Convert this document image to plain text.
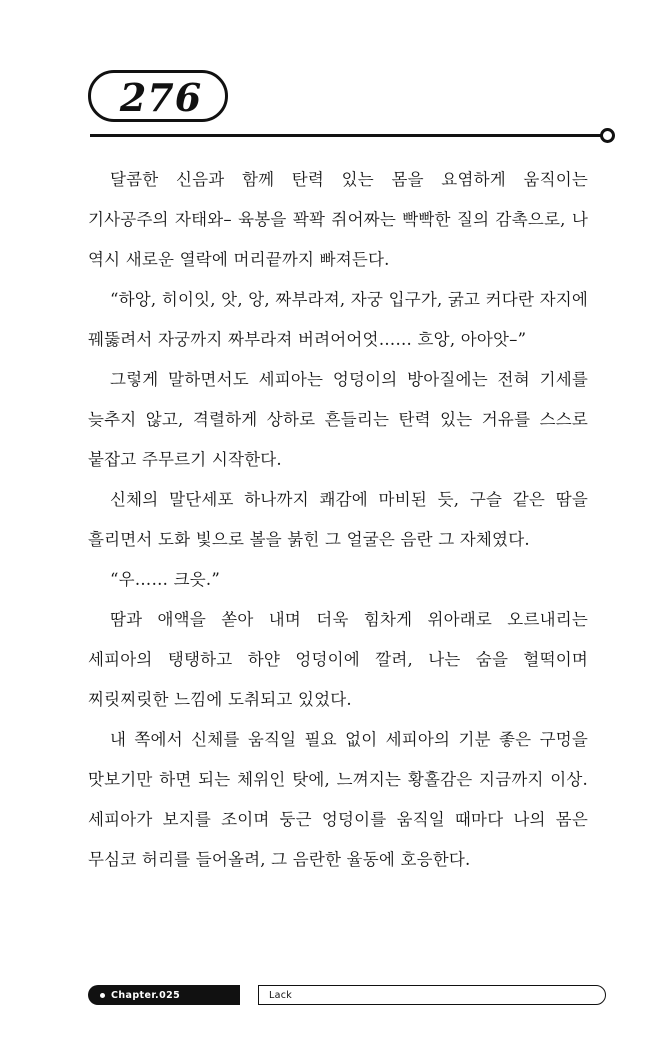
276

달콤한 신음과 함께 탄력 있는 몸을 요염하게 움직이는 기사공주의 자태와– 육봉을 꽉꽉 쥐어짜는 빡빡한 질의 감촉으로, 나 역시 새로운 열락에 머리끝까지 빠져든다.

“하앙, 히이잇, 앗, 앙, 짜부라져, 자궁 입구가, 굵고 커다란 자지에 꿰뚫려서 자궁까지 짜부라져 버려어어엇…… 흐앙, 아아앗–”

그렇게 말하면서도 세피아는 엉덩이의 방아질에는 전혀 기세를 늦추지 않고, 격렬하게 상하로 흔들리는 탄력 있는 거유를 스스로 붙잡고 주무르기 시작한다.

신체의 말단세포 하나까지 쾌감에 마비된 듯, 구슬 같은 땀을 흘리면서 도화 빛으로 볼을 붉힌 그 얼굴은 음란 그 자체였다.

“우…… 크읏.”

땀과 애액을 쏟아 내며 더욱 힘차게 위아래로 오르내리는 세피아의 탱탱하고 하얀 엉덩이에 깔려, 나는 숨을 헐떡이며 찌릿찌릿한 느낌에 도취되고 있었다.

내 쪽에서 신체를 움직일 필요 없이 세피아의 기분 좋은 구멍을 맛보기만 하면 되는 체위인 탓에, 느껴지는 황홀감은 지금까지 이상. 세피아가 보지를 조이며 둥근 엉덩이를 움직일 때마다 나의 몸은 무심코 허리를 들어올려, 그 음란한 율동에 호응한다.

Chapter.025	Lack
